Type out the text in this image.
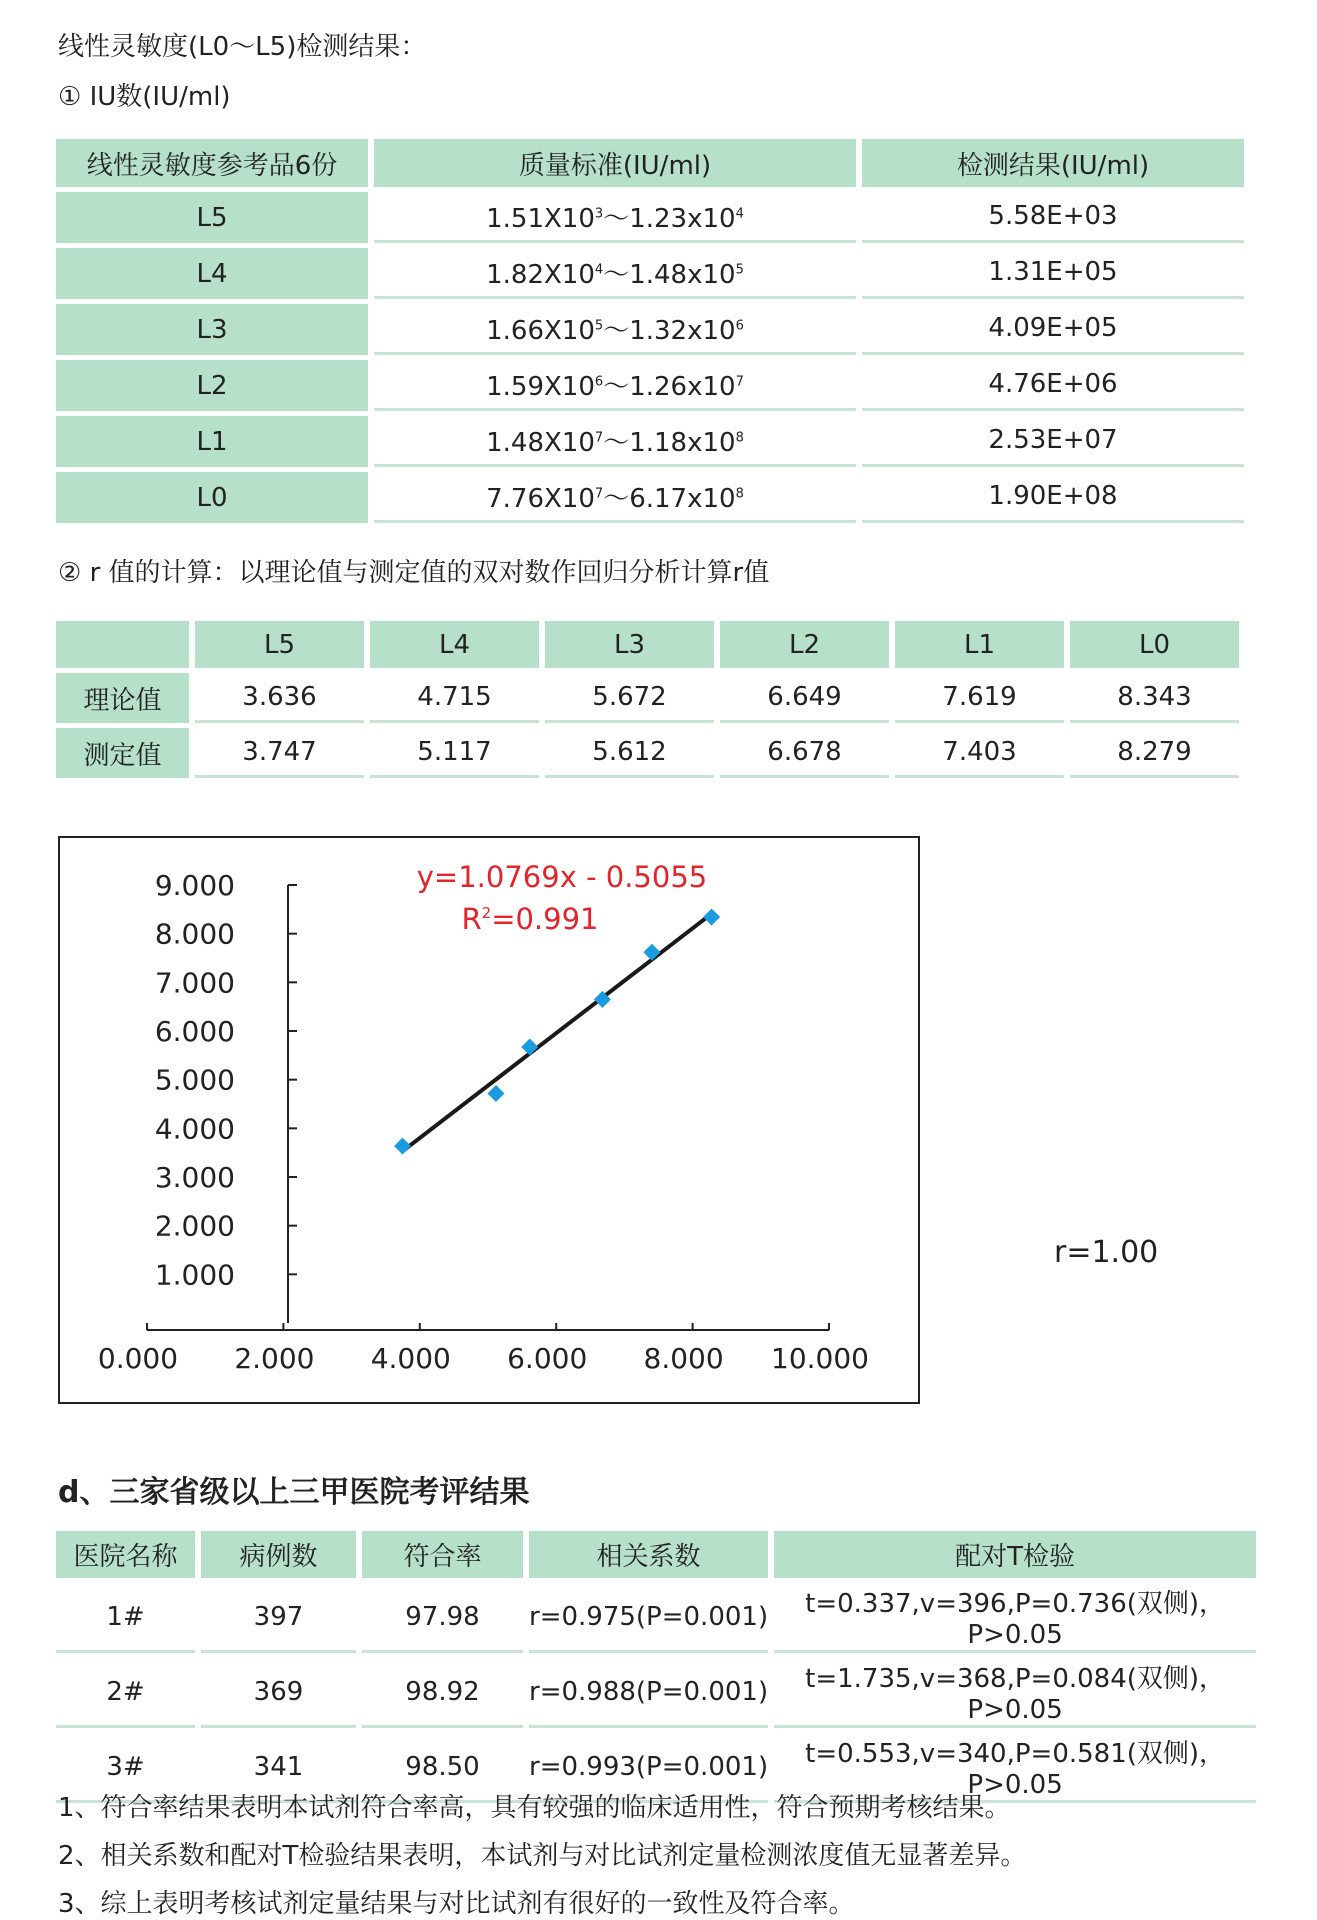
线性灵敏度(L0～L5)检测结果：
① IU数(IU/ml)
线性灵敏度参考品6份	质量标准(IU/ml)	检测结果(IU/ml)
L5	$1.51X10^3\sim 1.23x10^4$	5.58E+03
L4	$1.82X10^4\sim 1.48x10^5$	1.31E+05
L3	$1.66X10^5\sim 1.32x10^6$	4.09E+05
L2	$1.59X10^6\sim 1.26x10^7$	4.76E+06
L1	$1.48X10^7\sim 1.18x10^8$	2.53E+07
L0	$7.76X10^7\sim 6.17x10^8$	1.90E+08
② r 值的计算：以理论值与测定值的双对数作回归分析计算r值
	L5	L4	L3	L2	L1	L0
理论值	3.636	4.715	5.672	6.649	7.619	8.343
测定值	3.747	5.117	5.612	6.678	7.403	8.279
1.000
2.000
3.000
4.000
5.000
6.000
7.000
8.000
9.000
0.000 2.000 4.000 6.000 8.000 10.000
y=1.0769x - 0.5055
$R^2=0.991$
r=1.00
d、三家省级以上三甲医院考评结果
医院名称	病例数	符合率	相关系数	配对T检验
1#	397	97.98	r=0.975(P=0.001)	t=0.337,v=396,P=0.736(双侧)，P>0.05
2#	369	98.92	r=0.988(P=0.001)	t=1.735,v=368,P=0.084(双侧)，P>0.05
3#	341	98.50	r=0.993(P=0.001)	t=0.553,v=340,P=0.581(双侧)，P>0.05
1、符合率结果表明本试剂符合率高，具有较强的临床适用性，符合预期考核结果。
2、相关系数和配对T检验结果表明，本试剂与对比试剂定量检测浓度值无显著差异。
3、综上表明考核试剂定量结果与对比试剂有很好的一致性及符合率。
